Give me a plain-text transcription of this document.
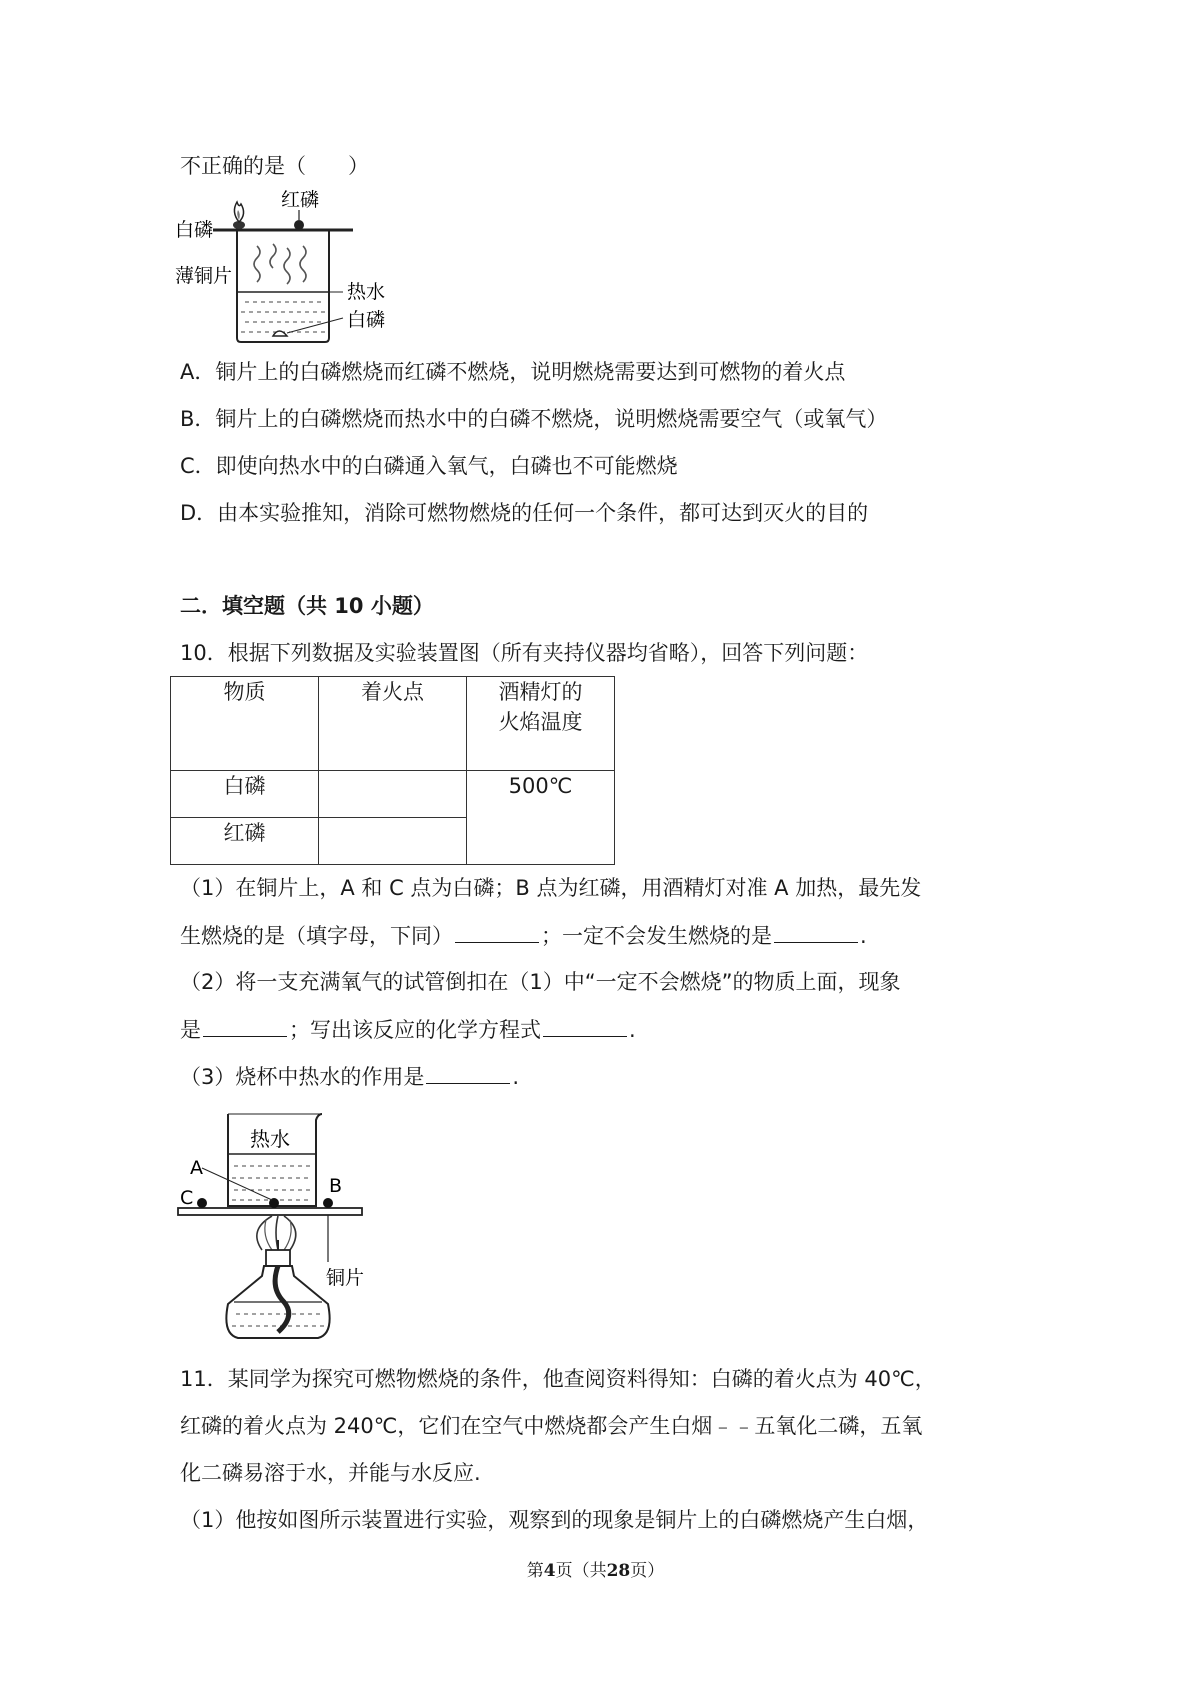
不正确的是（　　）
红磷
白磷
薄铜片
热水
白磷
A．铜片上的白磷燃烧而红磷不燃烧，说明燃烧需要达到可燃物的着火点
B．铜片上的白磷燃烧而热水中的白磷不燃烧，说明燃烧需要空气（或氧气）
C．即使向热水中的白磷通入氧气，白磷也不可能燃烧
D．由本实验推知，消除可燃物燃烧的任何一个条件，都可达到灭火的目的
二．填空题（共 10 小题）
10．根据下列数据及实验装置图（所有夹持仪器均省略），回答下列问题：
物质	着火点	酒精灯的
火焰温度

白磷		500℃

红磷		

（1）在铜片上，A 和 C 点为白磷；B 点为红磷，用酒精灯对准 A 加热，最先发
生燃烧的是（填字母，下同）	；一定不会发生燃烧的是	.
（2）将一支充满氧气的试管倒扣在（1）中“一定不会燃烧”的物质上面，现象
是	；写出该反应的化学方程式	.
（3）烧杯中热水的作用是	.
热水
A
C
B
铜片
11．某同学为探究可燃物燃烧的条件，他查阅资料得知：白磷的着火点为 40℃，
红磷的着火点为 240℃，它们在空气中燃烧都会产生白烟﹣﹣五氧化二磷，五氧
化二磷易溶于水，并能与水反应.
（1）他按如图所示装置进行实验，观察到的现象是铜片上的白磷燃烧产生白烟，
第4页（共28页）
